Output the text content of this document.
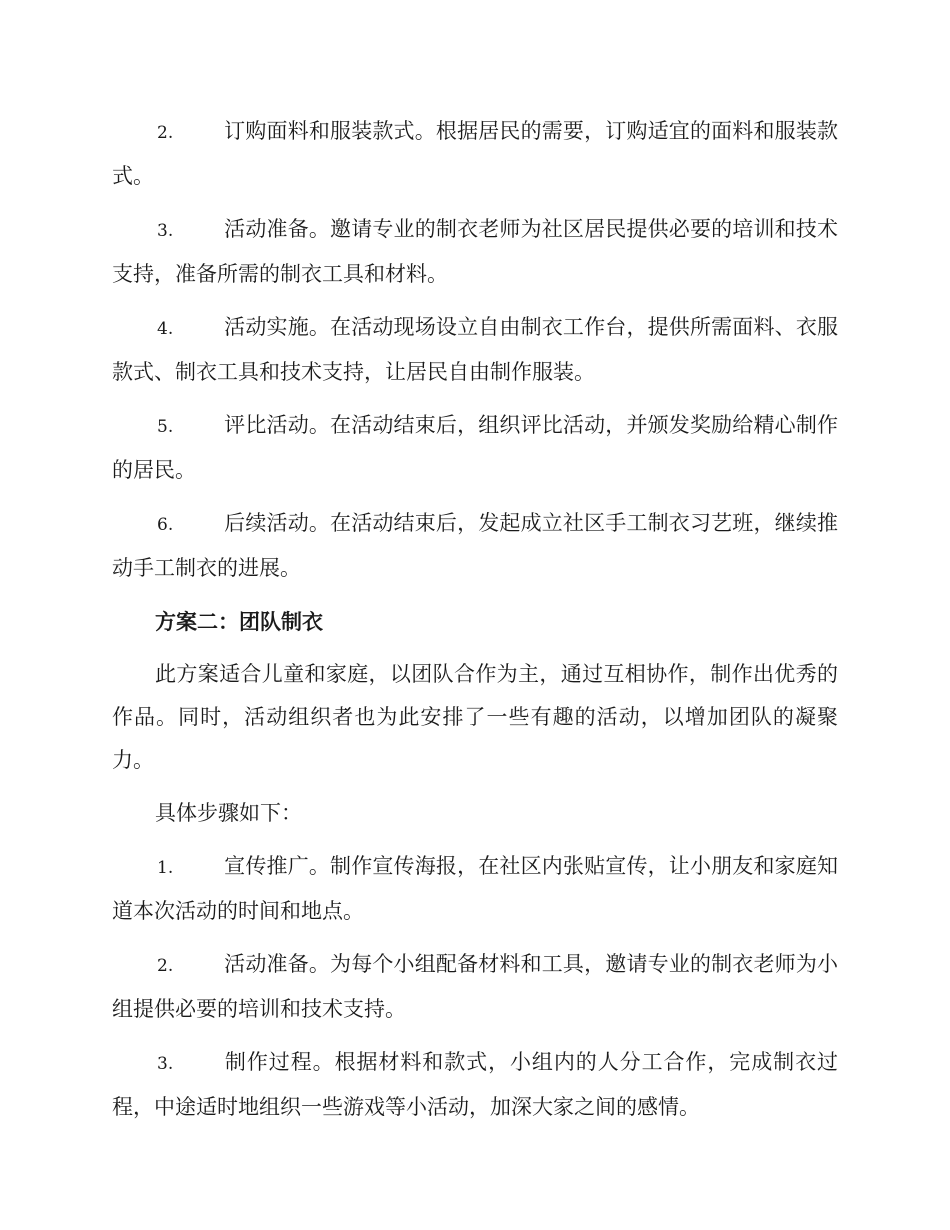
2. 订购面料和服装款式。根据居民的需要，订购适宜的面料和服装款式。

3. 活动准备。邀请专业的制衣老师为社区居民提供必要的培训和技术支持，准备所需的制衣工具和材料。

4. 活动实施。在活动现场设立自由制衣工作台，提供所需面料、衣服款式、制衣工具和技术支持，让居民自由制作服装。

5. 评比活动。在活动结束后，组织评比活动，并颁发奖励给精心制作的居民。

6. 后续活动。在活动结束后，发起成立社区手工制衣习艺班，继续推动手工制衣的进展。

方案二：团队制衣

此方案适合儿童和家庭，以团队合作为主，通过互相协作，制作出优秀的作品。同时，活动组织者也为此安排了一些有趣的活动，以增加团队的凝聚力。

具体步骤如下：

1. 宣传推广。制作宣传海报，在社区内张贴宣传，让小朋友和家庭知道本次活动的时间和地点。

2. 活动准备。为每个小组配备材料和工具，邀请专业的制衣老师为小组提供必要的培训和技术支持。

3. 制作过程。根据材料和款式，小组内的人分工合作，完成制衣过程，中途适时地组织一些游戏等小活动，加深大家之间的感情。
